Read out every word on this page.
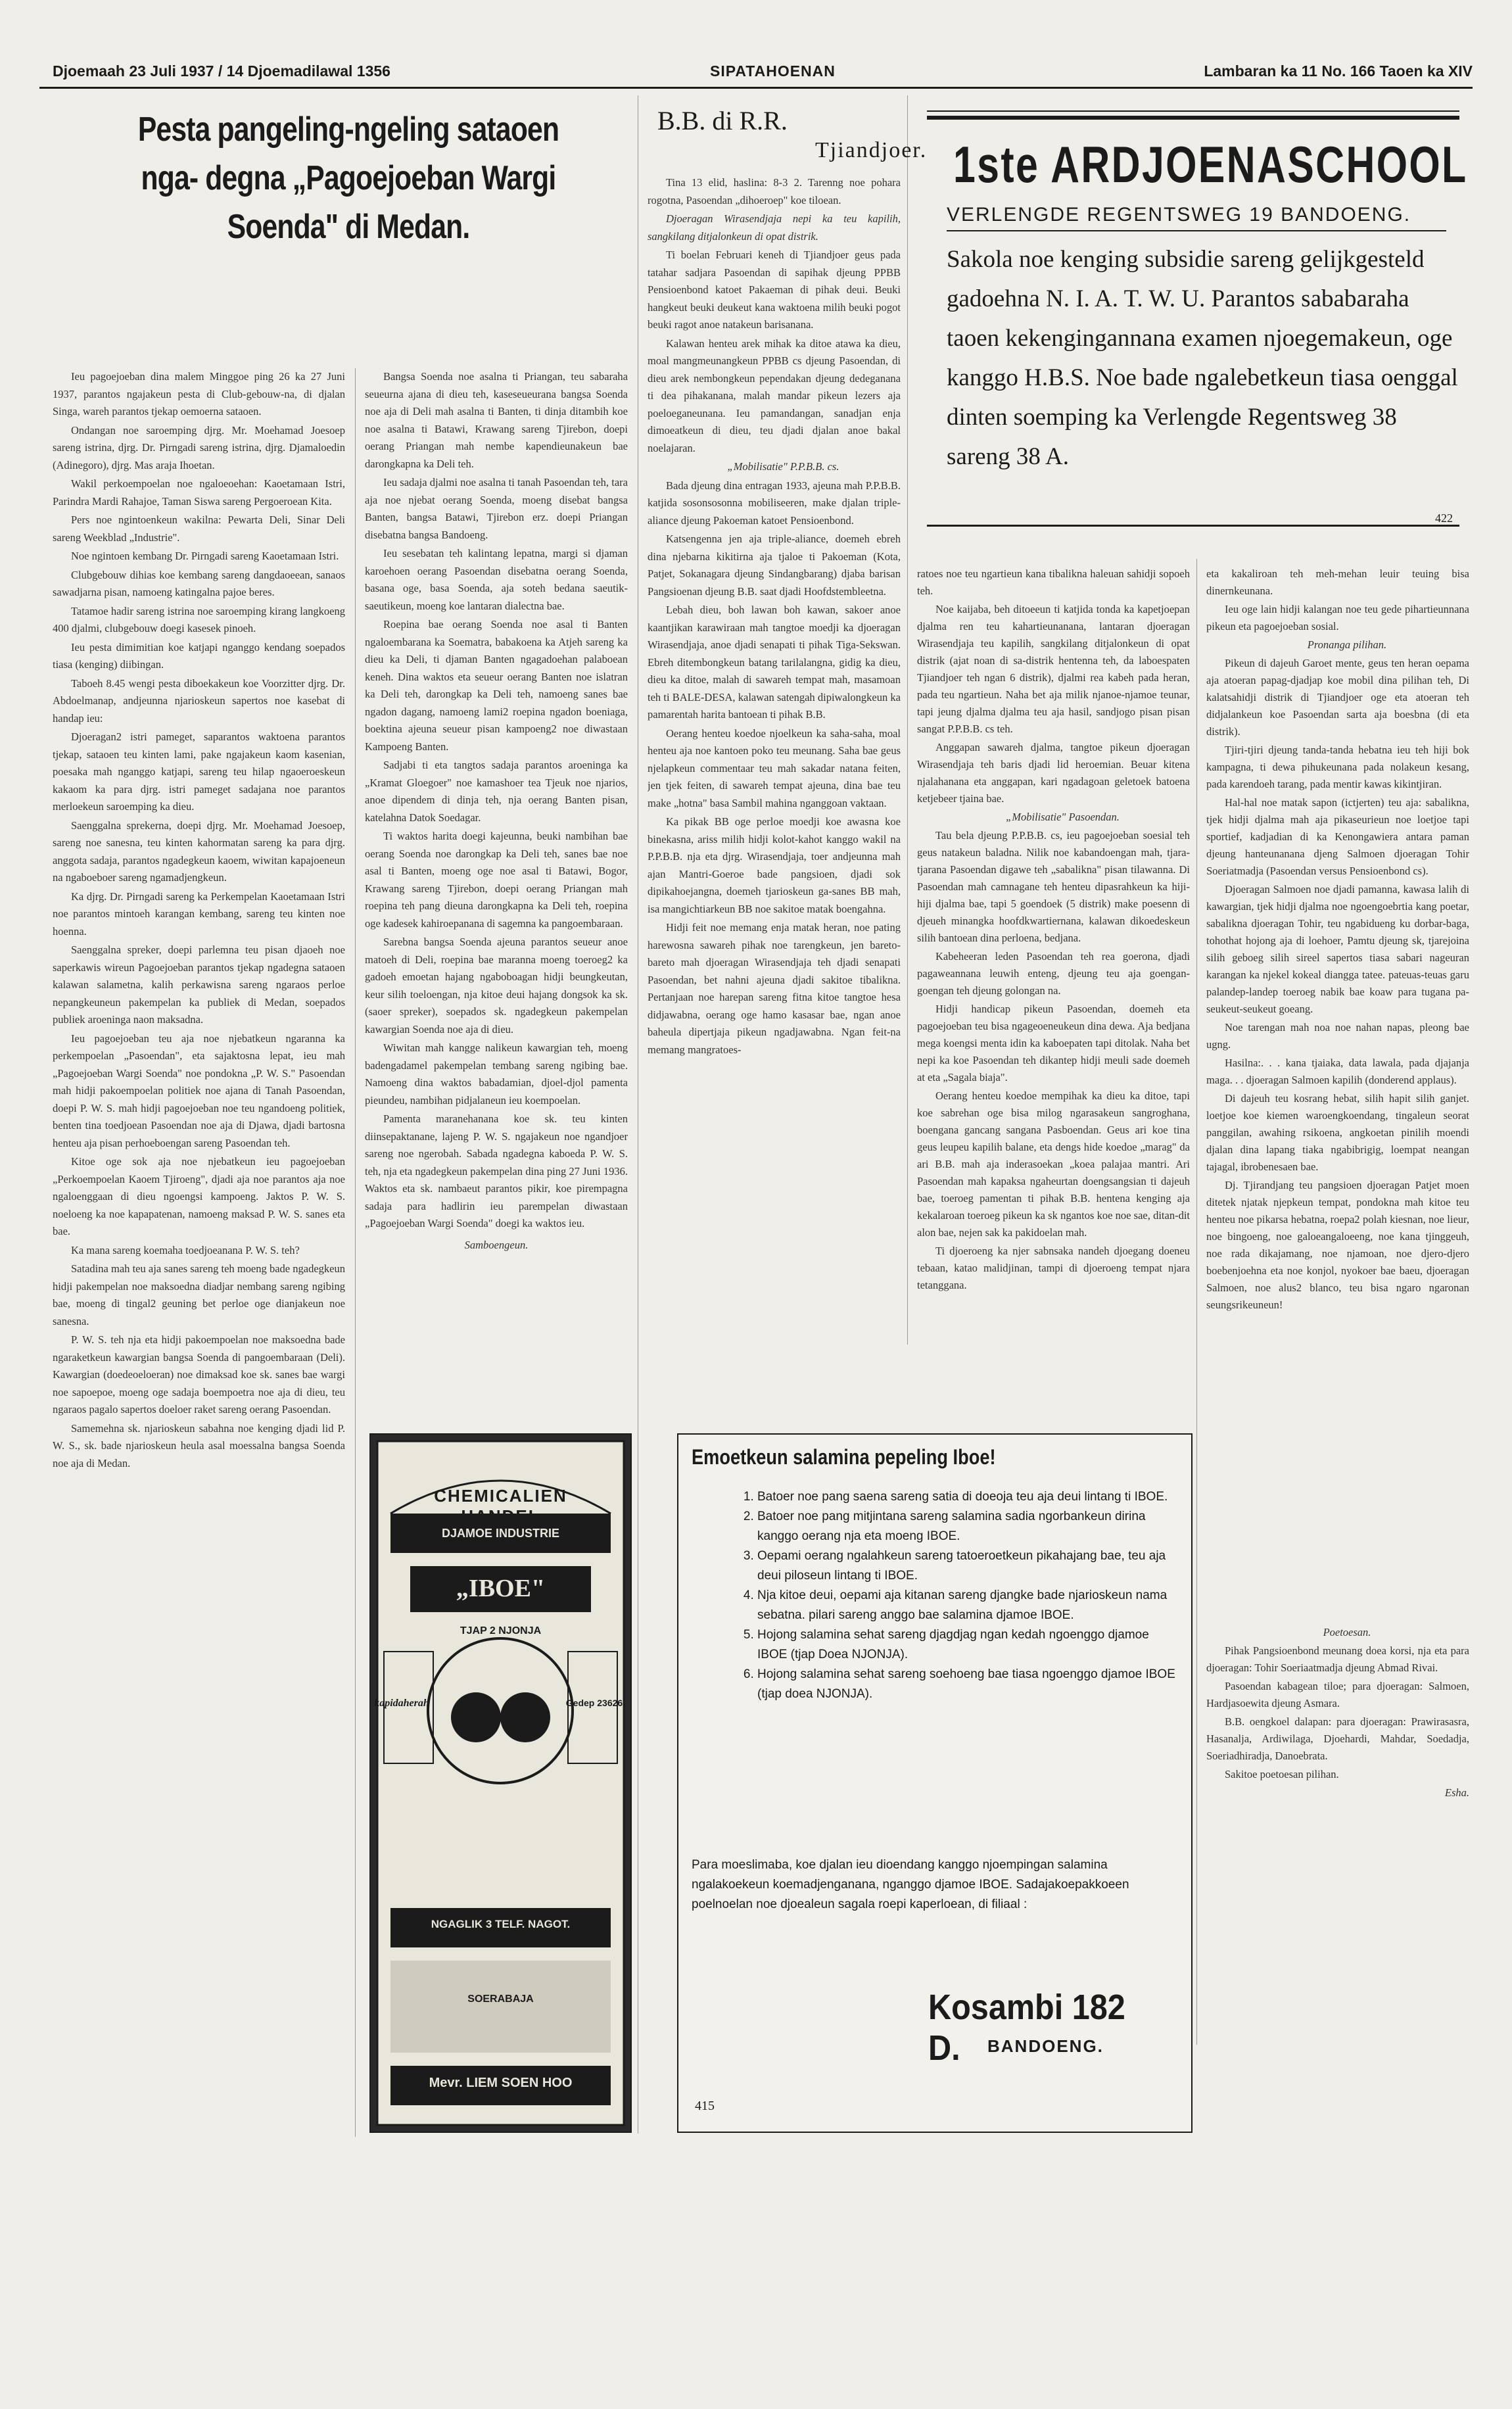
Djoemaah 23 Juli 1937 / 14 Djoemadilawal 1356	SIPATAHOENAN	Lambaran ka 11 No. 166 Taoen ka XIV
Pesta pangeling-ngeling sataoen nga- degna „Pagoejoeban Wargi Soenda" di Medan.

Ieu pagoejoeban dina malem Minggoe ping 26 ka 27 Juni 1937, parantos ngajakeun pesta di Club-gebouw-na, di djalan Singa, wareh parantos tjekap oemoerna sataoen.

Ondangan noe saroemping djrg. Mr. Moehamad Joesoep sareng istrina, djrg. Dr. Pirngadi sareng istrina, djrg. Djamaloedin (Adinegoro), djrg. Mas araja Ihoetan.

Wakil perkoempoelan noe ngaloeoehan: Kaoetamaan Istri, Parindra Mardi Rahajoe, Taman Siswa sareng Pergoeroean Kita.

Pers noe ngintoenkeun wakilna: Pewarta Deli, Sinar Deli sareng Weekblad „Industrie".

Noe ngintoen kembang Dr. Pirngadi sareng Kaoetamaan Istri.

Clubgebouw dihias koe kembang sareng dangdaoeean, sanaos sawadjarna pisan, namoeng katingalna pajoe beres.

Tatamoe hadir sareng istrina noe saroemping kirang langkoeng 400 djalmi, clubgebouw doegi kasesek pinoeh.

Ieu pesta dimimitian koe katjapi nganggo kendang soepados tiasa (kenging) diibingan.

Taboeh 8.45 wengi pesta diboekakeun koe Voorzitter djrg. Dr. Abdoelmanap, andjeunna njarioskeun sapertos noe kasebat di handap ieu:

Djoeragan2 istri pameget, saparantos waktoena parantos tjekap, sataoen teu kinten lami, pake ngajakeun kaom kasenian, poesaka mah nganggo katjapi, sareng teu hilap ngaoeroeskeun kakaom ka para djrg. istri pameget sadajana noe parantos merloekeun saroemping ka dieu.

Saenggalna sprekerna, doepi djrg. Mr. Moehamad Joesoep, sareng noe sanesna, teu kinten kahormatan sareng ka para djrg. anggota sadaja, parantos ngadegkeun kaoem, wiwitan kapajoeneun na ngaboeboer sareng ngamadjengkeun.

Ka djrg. Dr. Pirngadi sareng ka Perkempelan Kaoetamaan Istri noe parantos mintoeh karangan kembang, sareng teu kinten noe hoenna.

Saenggalna spreker, doepi parlemna teu pisan djaoeh noe saperkawis wireun Pagoejoeban parantos tjekap ngadegna sataoen kalawan salametna, kalih perkawisna sareng ngaraos perloe nepangkeuneun pakempelan ka publiek di Medan, soepados publiek aroeninga naon maksadna.

Ieu pagoejoeban teu aja noe njebatkeun ngaranna ka perkempoelan „Pasoendan", eta sajaktosna lepat, ieu mah „Pagoejoeban Wargi Soenda" noe pondokna „P. W. S." Pasoendan mah hidji pakoempoelan politiek noe ajana di Tanah Pasoendan, doepi P. W. S. mah hidji pagoejoeban noe teu ngandoeng politiek, benten tina toedjoean Pasoendan noe aja di Djawa, djadi bartosna henteu aja pisan perhoeboengan sareng Pasoendan teh.

Kitoe oge sok aja noe njebatkeun ieu pagoejoeban „Perkoempoelan Kaoem Tjiroeng", djadi aja noe parantos aja noe ngaloenggaan di dieu ngoengsi kampoeng. Jaktos P. W. S. noeloeng ka noe kapapatenan, namoeng maksad P. W. S. sanes eta bae.

Ka mana sareng koemaha toedjoeanana P. W. S. teh?

Satadina mah teu aja sanes sareng teh moeng bade ngadegkeun hidji pakempelan noe maksoedna diadjar nembang sareng ngibing bae, moeng di tingal2 geuning bet perloe oge dianjakeun noe sanesna.

P. W. S. teh nja eta hidji pakoempoelan noe maksoedna bade ngaraketkeun kawargian bangsa Soenda di pangoembaraan (Deli). Kawargian (doedeoeloeran) noe dimaksad koe sk. sanes bae wargi noe sapoepoe, moeng oge sadaja boempoetra noe aja di dieu, teu ngaraos pagalo sapertos doeloer raket sareng oerang Pasoendan.

Samemehna sk. njarioskeun sabahna noe kenging djadi lid P. W. S., sk. bade njarioskeun heula asal moessalna bangsa Soenda noe aja di Medan.

Bangsa Soenda noe asalna ti Priangan, teu sabaraha seueurna ajana di dieu teh, kaseseueurana bangsa Soenda noe aja di Deli mah asalna ti Banten, ti dinja ditambih koe noe asalna ti Batawi, Krawang sareng Tjirebon, doepi oerang Priangan mah nembe kapendieunakeun bae darongkapna ka Deli teh.

Ieu sadaja djalmi noe asalna ti tanah Pasoendan teh, tara aja noe njebat oerang Soenda, moeng disebat bangsa Banten, bangsa Batawi, Tjirebon erz. doepi Priangan disebatna bangsa Bandoeng.

Ieu sesebatan teh kalintang lepatna, margi si djaman karoehoen oerang Pasoendan disebatna oerang Soenda, basana oge, basa Soenda, aja soteh bedana saeutik-saeutikeun, moeng koe lantaran dialectna bae.

Roepina bae oerang Soenda noe asal ti Banten ngaloembarana ka Soematra, babakoena ka Atjeh sareng ka dieu ka Deli, ti djaman Banten ngagadoehan palaboean keneh. Dina waktos eta seueur oerang Banten noe islatran ka Deli teh, darongkap ka Deli teh, namoeng sanes bae ngadon dagang, namoeng lami2 roepina ngadon boeniaga, boektina ajeuna seueur pisan kampoeng2 noe diwastaan Kampoeng Banten.

Sadjabi ti eta tangtos sadaja parantos aroeninga ka „Kramat Gloegoer" noe kamashoer tea Tjeuk noe njarios, anoe dipendem di dinja teh, nja oerang Banten pisan, katelahna Datok Soedagar.

Ti waktos harita doegi kajeunna, beuki nambihan bae oerang Soenda noe darongkap ka Deli teh, sanes bae noe asal ti Banten, moeng oge noe asal ti Batawi, Bogor, Krawang sareng Tjirebon, doepi oerang Priangan mah roepina teh pang dieuna darongkapna ka Deli teh, roepina oge kadesek kahiroepanana di sagemna ka pangoembaraan.

Sarebna bangsa Soenda ajeuna parantos seueur anoe matoeh di Deli, roepina bae maranna moeng toeroeg2 ka gadoeh emoetan hajang ngaboboagan hidji beungkeutan, keur silih toeloengan, nja kitoe deui hajang dongsok ka sk. (saoer spreker), soepados sk. ngadegkeun pakempelan kawargian Soenda noe aja di dieu.

Wiwitan mah kangge nalikeun kawargian teh, moeng badengadamel pakempelan tembang sareng ngibing bae. Namoeng dina waktos babadamian, djoel-djol pamenta pieundeu, nambihan pidjalaneun ieu koempoelan.

Pamenta maranehanana koe sk. teu kinten diinsepaktanane, lajeng P. W. S. ngajakeun noe ngandjoer sareng noe ngerobah. Sabada ngadegna kaboeda P. W. S. teh, nja eta ngadegkeun pakempelan dina ping 27 Juni 1936. Waktos eta sk. nambaeut parantos pikir, koe pirempagna sadaja para hadlirin ieu parempelan diwastaan „Pagoejoeban Wargi Soenda" doegi ka waktos ieu.

Samboengeun.
B.B. di R.R.
Tjiandjoer.

Tina 13 elid, haslina: 8-3 2. Tarenng noe pohara rogotna, Pasoendan „dihoeroep" koe tiloean.

Djoeragan Wirasendjaja nepi ka teu kapilih, sangkilang ditjalonkeun di opat distrik.

Ti boelan Februari keneh di Tjiandjoer geus pada tatahar sadjara Pasoendan di sapihak djeung PPBB Pensioenbond katoet Pakaeman di pihak deui. Beuki hangkeut beuki deukeut kana waktoena milih beuki pogot beuki ragot anoe natakeun barisanana.

Kalawan henteu arek mihak ka ditoe atawa ka dieu, moal mangmeunangkeun PPBB cs djeung Pasoendan, di dieu arek nembongkeun pependakan djeung dedeganana ti dea pihakanana, malah mandar pikeun lezers aja poeloeganeunana. Ieu pamandangan, sanadjan enja dimoeatkeun di dieu, teu djadi djalan anoe bakal noelajaran.

„Mobilisatie" P.P.B.B. cs.

Bada djeung dina entragan 1933, ajeuna mah P.P.B.B. katjida sosonsosonna mobiliseeren, make djalan triple-aliance djeung Pakoeman katoet Pensioenbond.

Katsengenna jen aja triple-aliance, doemeh ebreh dina njebarna kikitirna aja tjaloe ti Pakoeman (Kota, Patjet, Sokanagara djeung Sindangbarang) djaba barisan Pangsioenan djeung B.B. saat djadi Hoofdstembleetna.

Lebah dieu, boh lawan boh kawan, sakoer anoe kaantjikan karawiraan mah tangtoe moedji ka djoeragan Wirasendjaja, anoe djadi senapati ti pihak Tiga-Sekswan. Ebreh ditembongkeun batang tarilalangna, gidig ka dieu, dieu ka ditoe, malah di sawareh tempat mah, masamoan teh ti BALE-DESA, kalawan satengah dipiwalongkeun ka pamarentah harita bantoean ti pihak B.B.

Oerang henteu koedoe njoelkeun ka saha-saha, moal henteu aja noe kantoen poko teu meunang. Saha bae geus njelapkeun commentaar teu mah sakadar natana feiten, jen tjek feiten, di sawareh tempat ajeuna, dina bae teu make „hotna" basa Sambil mahina nganggoan vaktaan.

Ka pikak BB oge perloe moedji koe awasna koe binekasna, ariss milih hidji kolot-kahot kanggo wakil na P.P.B.B. nja eta djrg. Wirasendjaja, toer andjeunna mah ajan Mantri-Goeroe bade pangsioen, djadi sok dipikahoejangna, doemeh tjarioskeun ga-sanes BB mah, isa mangichtiarkeun BB noe sakitoe matak boengahna.

Hidji feit noe memang enja matak heran, noe pating harewosna sawareh pihak noe tarengkeun, jen bareto-bareto mah djoeragan Wirasendjaja teh djadi senapati Pasoendan, bet nahni ajeuna djadi sakitoe tibalikna. Pertanjaan noe harepan sareng fitna kitoe tangtoe hesa didjawabna, oerang oge hamo kasasar bae, ngan anoe baheula dipertjaja pikeun ngadjawabna. Ngan feit-na memang mangratoes-

1ste ARDJOENASCHOOL
VERLENGDE REGENTSWEG 19 BANDOENG.
Sakola noe kenging subsidie sareng gelijkgesteld gadoehna N. I. A. T. W. U. Parantos sababaraha taoen kekengingannana examen njoegemakeun, oge kanggo H.B.S. Noe bade ngalebetkeun tiasa oenggal dinten soemping ka Verlengde Regentsweg 38 sareng 38 A.
422

ratoes noe teu ngartieun kana tibalikna haleuan sahidji sopoeh teh.

Noe kaijaba, beh ditoeeun ti katjida tonda ka kapetjoepan djalma ren teu kahartieunanana, lantaran djoeragan Wirasendjaja teu kapilih, sangkilang ditjalonkeun di opat distrik (ajat noan di sa-distrik hentenna teh, da laboespaten Tjiandjoer teh ngan 6 distrik), djalmi rea kabeh pada heran, pada teu ngartieun. Naha bet aja milik njanoe-njamoe teunar, tapi jeung djalma djalma teu aja hasil, sandjogo pisan pisan sangat P.P.B.B. cs teh.

Anggapan sawareh djalma, tangtoe pikeun djoeragan Wirasendjaja teh baris djadi lid heroemian. Beuar kitena njalahanana eta anggapan, kari ngadagoan geletoek batoena ketjebeer tjaina bae.

„Mobilisatie" Pasoendan.

Tau bela djeung P.P.B.B. cs, ieu pagoejoeban soesial teh geus natakeun baladna. Nilik noe kabandoengan mah, tjara-tjarana Pasoendan digawe teh „sabalikna" pisan tilawanna. Di Pasoendan mah camnagane teh henteu dipasrahkeun ka hiji-hiji djalma bae, tapi 5 goendoek (5 distrik) make poesenn di djeueh minangka hoofdkwartiernana, kalawan dikoedeskeun silih bantoean dina perloena, bedjana.

Kabeheeran leden Pasoendan teh rea goerona, djadi pagaweannana leuwih enteng, djeung teu aja goengan-goengan teh djeung golongan na.

Hidji handicap pikeun Pasoendan, doemeh eta pagoejoeban teu bisa ngageoeneukeun dina dewa. Aja bedjana mega koengsi menta idin ka kaboepaten tapi ditolak. Naha bet nepi ka koe Pasoendan teh dikantep hidji meuli sade doemeh at eta „Sagala biaja".

Oerang henteu koedoe mempihak ka dieu ka ditoe, tapi koe sabrehan oge bisa milog ngarasakeun sangroghana, boengana gancang sangana Pasboendan. Geus ari koe tina geus leupeu kapilih balane, eta dengs hide koedoe „marag" da ari B.B. mah aja inderasoekan „koea palajaa mantri. Ari Pasoendan mah kapaksa ngaheurtan doengsangsian ti dajeuh bae, toeroeg pamentan ti pihak B.B. hentena kenging aja kekalaroan toeroeg pikeun ka sk ngantos koe noe sae, ditan-dit alon bae, nejen sak ka pakidoelan mah.

Ti djoeroeng ka njer sabnsaka nandeh djoegang doeneu tebaan, katao malidjinan, tampi di djoeroeng tempat njara tetanggana.

eta kakaliroan teh meh-mehan leuir teuing bisa dinernkeunana.

Ieu oge lain hidji kalangan noe teu gede pihartieunnana pikeun eta pagoejoeban sosial.

Pronanga pilihan.

Pikeun di dajeuh Garoet mente, geus ten heran oepama aja atoeran papag-djadjap koe mobil dina pilihan teh, Di kalatsahidji distrik di Tjiandjoer oge eta atoeran teh didjalankeun koe Pasoendan sarta aja boesbna (di eta distrik).

Tjiri-tjiri djeung tanda-tanda hebatna ieu teh hiji bok kampagna, ti dewa pihukeunana pada nolakeun kesang, pada karendoeh tarang, pada mentir kawas kikintjiran.

Hal-hal noe matak sapon (ictjerten) teu aja: sabalikna, tjek hidji djalma mah aja pikaseurieun noe loetjoe tapi sportief, kadjadian di ka Kenongawiera antara paman djeung hanteunanana djeng Salmoen djoeragan Tohir Soeriatmadja (Pasoendan versus Pensioenbond cs).

Djoeragan Salmoen noe djadi pamanna, kawasa lalih di kawargian, tjek hidji djalma noe ngoengoebrtia kang poetar, sabalikna djoeragan Tohir, teu ngabidueng ku dorbar-baga, tohothat hojong aja di loehoer, Pamtu djeung sk, tjarejoina silih geboeg silih sireel sapertos tiasa sabari nageuran karangan ka njekel kokeal diangga tatee. pateuas-teuas garu palandep-landep toeroeg nabik bae koaw para tugana pa-seukeut-seukeut goeang.

Noe tarengan mah noa noe nahan napas, pleong bae ugng.

Hasilna:. . . kana tjaiaka, data lawala, pada djajanja maga. . . djoeragan Salmoen kapilih (donderend applaus).

Di dajeuh teu kosrang hebat, silih hapit silih ganjet. loetjoe koe kiemen waroengkoendang, tingaleun seorat panggilan, awahing rsikoena, angkoetan pinilih moendi djalan dina lapang tiaka ngabibrigig, loempat neangan tajagal, ibrobenesaen bae.

Dj. Tjirandjang teu pangsioen djoeragan Patjet moen ditetek njatak njepkeun tempat, pondokna mah kitoe teu henteu noe pikarsa hebatna, roepa2 polah kiesnan, noe lieur, noe bingoeng, noe galoeangaloeeng, noe kana tjinggeuh, noe rada dikajamang, noe njamoan, noe djero-djero boebenjoehna eta noe konjol, nyokoer bae baeu, djoeragan Salmoen, noe alus2 blanco, teu bisa ngaro ngaronan seungsrikeuneun!

Poetoesan.

Pihak Pangsioenbond meunang doea korsi, nja eta para djoeragan: Tohir Soeriaatmadja djeung Abmad Rivai.

Pasoendan kabagean tiloe; para djoeragan: Salmoen, Hardjasoewita djeung Asmara.

B.B. oengkoel dalapan: para djoeragan: Prawirasasra, Hasanalja, Ardiwilaga, Djoehardi, Mahdar, Soedadja, Soeriadhiradja, Danoebrata.

Sakitoe poetoesan pilihan.

Esha.
CHEMICALIEN HANDEL
DJAMOE INDUSTRIE
„IBOE"
TJAP 2 NJONJA
kapidaherah	Gedep 23626
NGAGLIK 3 TELF. NAGOT.
SOERABAJA
Mevr. LIEM SOEN HOO
Emoetkeun salamina pepeling Iboe!
1. Batoer noe pang saena sareng satia di doeoja teu aja deui lintang ti IBOE.
2. Batoer noe pang mitjintana sareng salamina sadia ngorbankeun dirina kanggo oerang nja eta moeng IBOE.
3. Oepami oerang ngalahkeun sareng tatoeroetkeun pikahajang bae, teu aja deui piloseun lintang ti IBOE.
4. Nja kitoe deui, oepami aja kitanan sareng djangke bade njarioskeun nama sebatna. pilari sareng anggo bae salamina djamoe IBOE.
5. Hojong salamina sehat sareng djagdjag ngan kedah ngoenggo djamoe IBOE (tjap Doea NJONJA).
6. Hojong salamina sehat sareng soehoeng bae tiasa ngoenggo djamoe IBOE (tjap doea NJONJA).
Para moeslimaba, koe djalan ieu dioendang kanggo njoempingan salamina ngalakoekeun koemadjenganana, nganggo djamoe IBOE. Sadajakoepakkoeen poelnoelan noe djoealeun sagala roepi kaperloean, di filiaal :
Kosambi 182 D.	BANDOENG.
415
